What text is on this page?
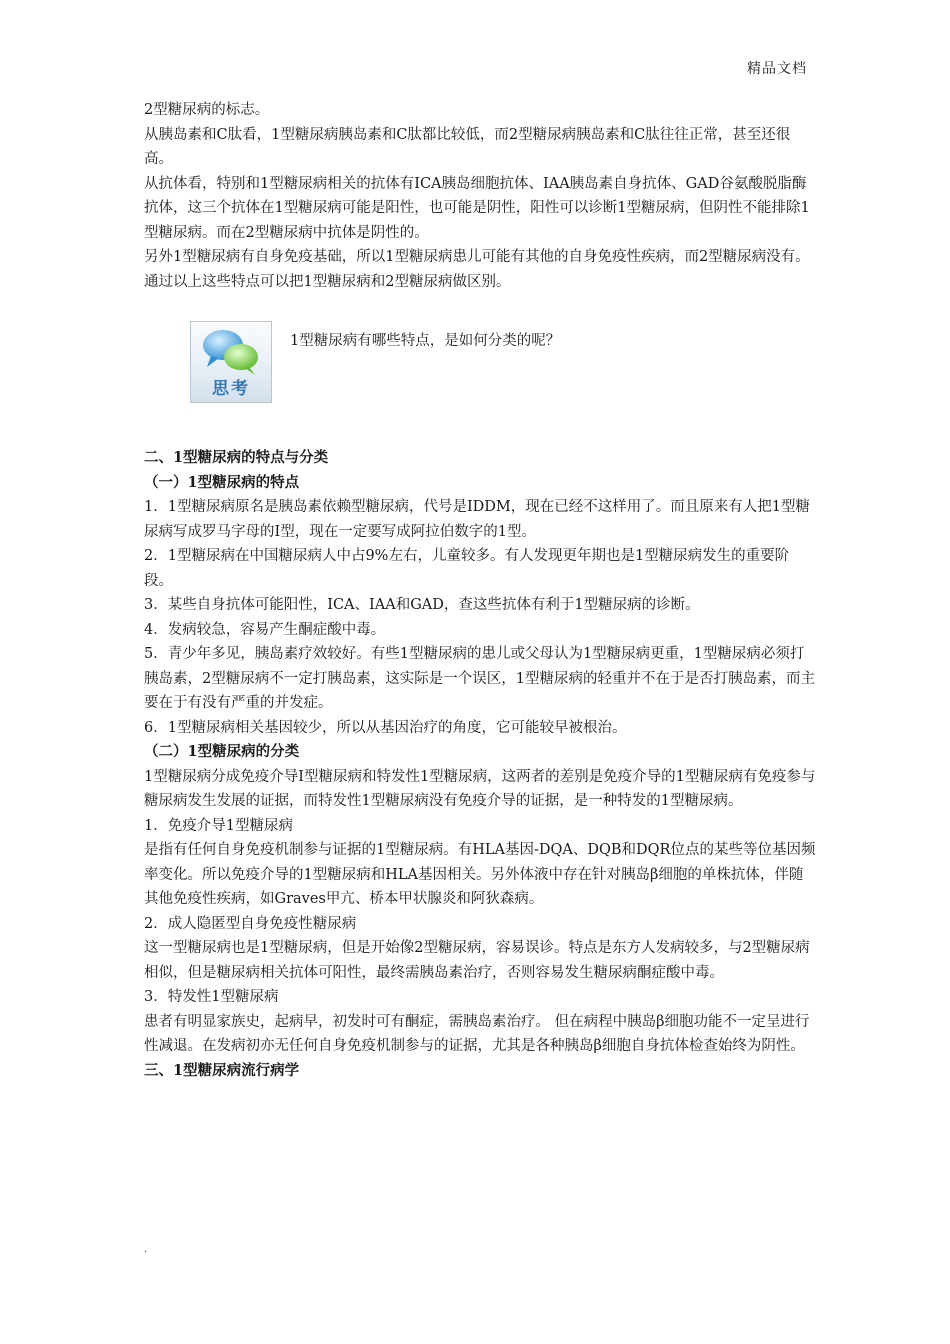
精品文档

2型糖尿病的标志。

从胰岛素和C肽看，1型糖尿病胰岛素和C肽都比较低，而2型糖尿病胰岛素和C肽往往正常，甚至还很高。

从抗体看，特别和1型糖尿病相关的抗体有ICA胰岛细胞抗体、IAA胰岛素自身抗体、GAD谷氨酸脱脂酶抗体，这三个抗体在1型糖尿病可能是阳性，也可能是阴性，阳性可以诊断1型糖尿病，但阴性不能排除1型糖尿病。而在2型糖尿病中抗体是阴性的。

另外1型糖尿病有自身免疫基础，所以1型糖尿病患儿可能有其他的自身免疫性疾病，而2型糖尿病没有。通过以上这些特点可以把1型糖尿病和2型糖尿病做区别。

思考
1型糖尿病有哪些特点，是如何分类的呢？

二、1型糖尿病的特点与分类

（一）1型糖尿病的特点

1．1型糖尿病原名是胰岛素依赖型糖尿病，代号是IDDM，现在已经不这样用了。而且原来有人把1型糖尿病写成罗马字母的Ⅰ型，现在一定要写成阿拉伯数字的1型。

2．1型糖尿病在中国糖尿病人中占9%左右，儿童较多。有人发现更年期也是1型糖尿病发生的重要阶段。

3．某些自身抗体可能阳性，ICA、IAA和GAD，查这些抗体有利于1型糖尿病的诊断。

4．发病较急，容易产生酮症酸中毒。

5．青少年多见，胰岛素疗效较好。有些1型糖尿病的患儿或父母认为1型糖尿病更重，1型糖尿病必须打胰岛素，2型糖尿病不一定打胰岛素，这实际是一个误区，1型糖尿病的轻重并不在于是否打胰岛素，而主要在于有没有严重的并发症。

6．1型糖尿病相关基因较少，所以从基因治疗的角度，它可能较早被根治。

（二）1型糖尿病的分类

1型糖尿病分成免疫介导Ⅰ型糖尿病和特发性1型糖尿病，这两者的差别是免疫介导的1型糖尿病有免疫参与糖尿病发生发展的证据，而特发性1型糖尿病没有免疫介导的证据，是一种特发的1型糖尿病。

1．免疫介导1型糖尿病

是指有任何自身免疫机制参与证据的1型糖尿病。有HLA基因-DQA、DQB和DQR位点的某些等位基因频率变化。所以免疫介导的1型糖尿病和HLA基因相关。另外体液中存在针对胰岛β细胞的单株抗体，伴随其他免疫性疾病，如Graves甲亢、桥本甲状腺炎和阿狄森病。

2．成人隐匿型自身免疫性糖尿病

这一型糖尿病也是1型糖尿病，但是开始像2型糖尿病，容易误诊。特点是东方人发病较多，与2型糖尿病相似，但是糖尿病相关抗体可阳性，最终需胰岛素治疗，否则容易发生糖尿病酮症酸中毒。

3．特发性1型糖尿病

患者有明显家族史，起病早，初发时可有酮症，需胰岛素治疗。 但在病程中胰岛β细胞功能不一定呈进行性减退。在发病初亦无任何自身免疫机制参与的证据，尤其是各种胰岛β细胞自身抗体检查始终为阴性。

三、1型糖尿病流行病学

.
